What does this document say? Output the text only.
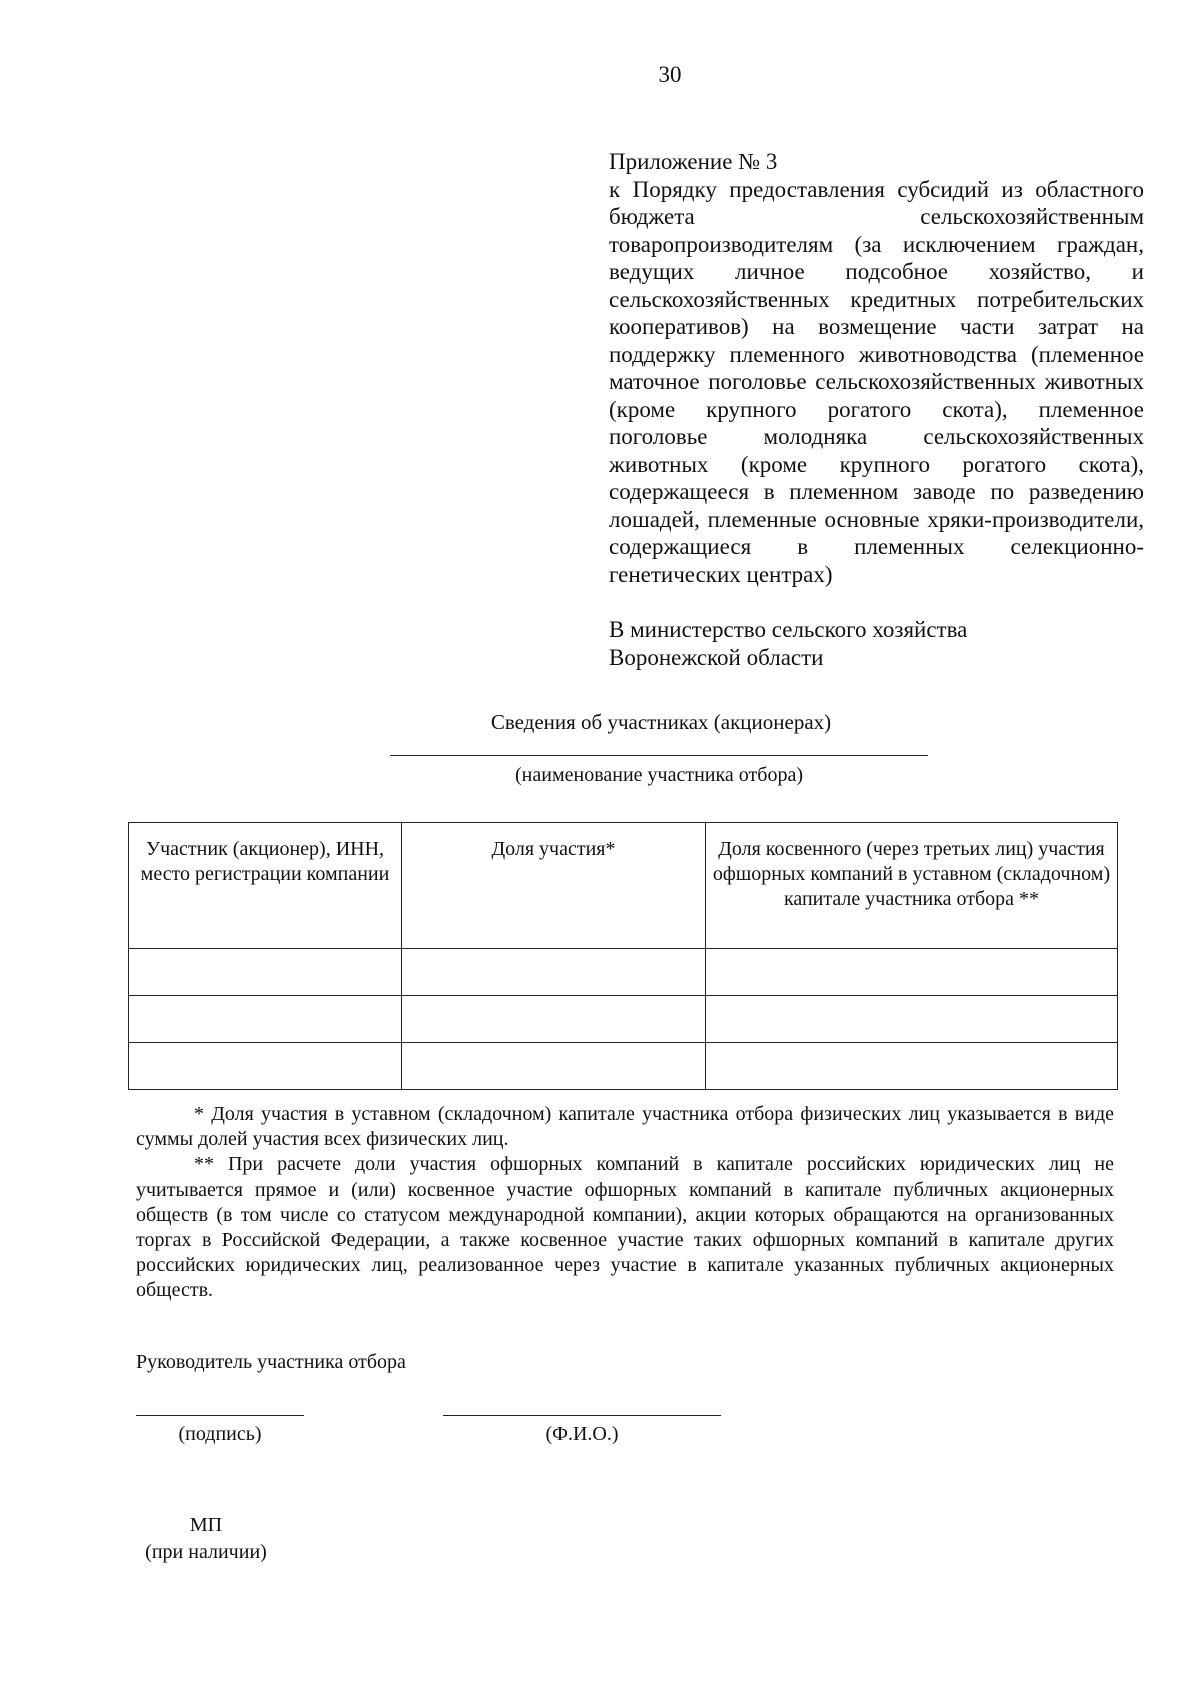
30

Приложение № 3

к Порядку предоставления субсидий из областного бюджета сельскохозяйственным товаропроизводителям (за исключением граждан, ведущих личное подсобное хозяйство, и сельскохозяйственных кредитных потребительских кооперативов) на возмещение части затрат на поддержку племенного животноводства (племенное маточное поголовье сельскохозяйственных животных (кроме крупного рогатого скота), племенное поголовье молодняка сельскохозяйственных животных (кроме крупного рогатого скота), содержащееся в племенном заводе по разведению лошадей, племенные основные хряки-производители, содержащиеся в племенных селекционно-генетических центрах)

В министерство сельского хозяйства
Воронежской области
Сведения об участниках (акционерах)
(наименование участника отбора)
Участник (акционер), ИНН, место регистрации компании	Доля участия*	Доля косвенного (через третьих лиц) участия офшорных компаний в уставном (складочном) капитале участника отбора **

* Доля участия в уставном (складочном) капитале участника отбора физических лиц указывается в виде суммы долей участия всех физических лиц.

** При расчете доли участия офшорных компаний в капитале российских юридических лиц не учитывается прямое и (или) косвенное участие офшорных компаний в капитале публичных акционерных обществ (в том числе со статусом международной компании), акции которых обращаются на организованных торгах в Российской Федерации, а также косвенное участие таких офшорных компаний в капитале других российских юридических лиц, реализованное через участие в капитале указанных публичных акционерных обществ.

Руководитель участника отбора
(подпись)	(Ф.И.О.)
МП
(при наличии)
